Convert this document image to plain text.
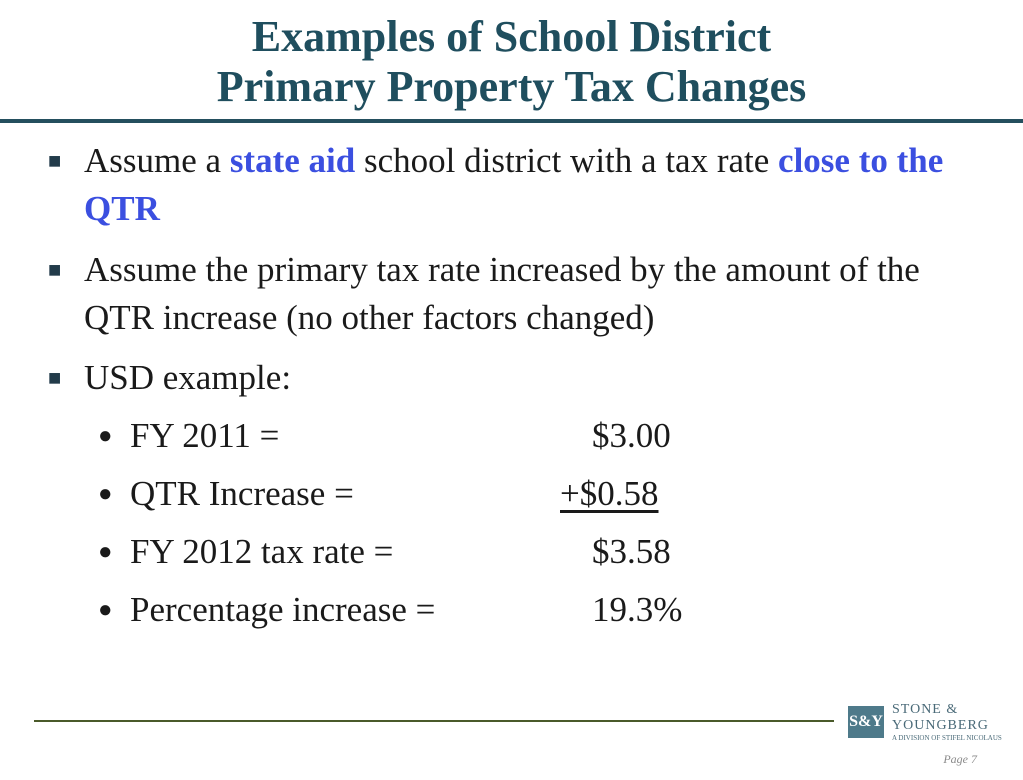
Examples of School District
Primary Property Tax Changes
■ Assume a state aid school district with a tax rate close to the QTR
■ Assume the primary tax rate increased by the amount of the QTR increase (no other factors changed)
■ USD example:
● FY 2011 =	$3.00
● QTR Increase =	+$0.58
● FY 2012 tax rate =	$3.58
● Percentage increase =	19.3%
S&Y
STONE &
YOUNGBERG
A DIVISION OF STIFEL NICOLAUS
Page 7
